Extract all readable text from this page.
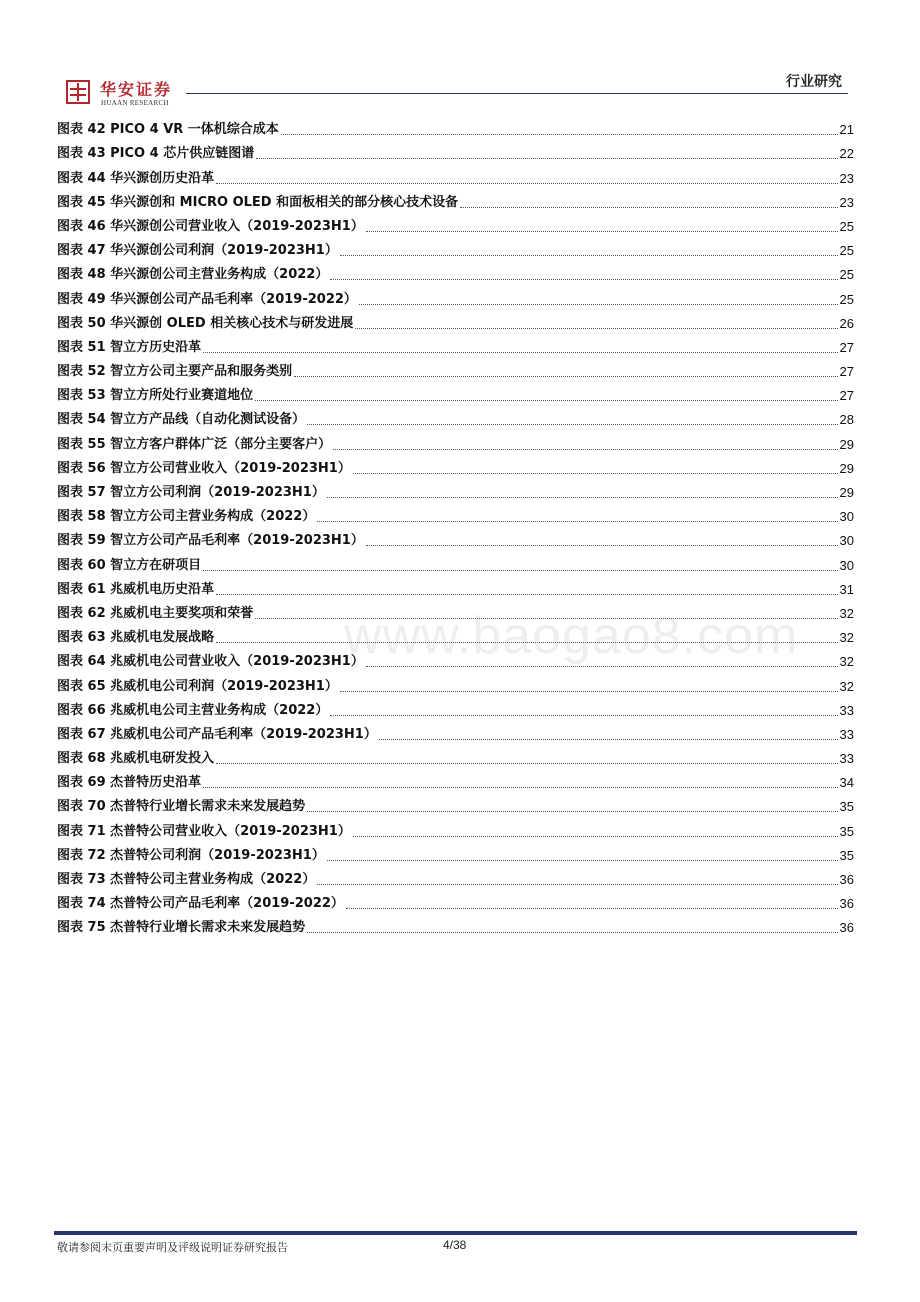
华安证券
HUAAN RESEARCH
行业研究
图表 42 PICO 4 VR 一体机综合成本	21
图表 43 PICO 4 芯片供应链图谱	22
图表 44 华兴源创历史沿革	23
图表 45 华兴源创和 MICRO OLED 和面板相关的部分核心技术设备	23
图表 46 华兴源创公司营业收入（2019-2023H1）	25
图表 47 华兴源创公司利润（2019-2023H1）	25
图表 48 华兴源创公司主营业务构成（2022）	25
图表 49 华兴源创公司产品毛利率（2019-2022）	25
图表 50 华兴源创 OLED 相关核心技术与研发进展	26
图表 51 智立方历史沿革	27
图表 52 智立方公司主要产品和服务类别	27
图表 53 智立方所处行业赛道地位	27
图表 54 智立方产品线（自动化测试设备）	28
图表 55 智立方客户群体广泛（部分主要客户）	29
图表 56 智立方公司营业收入（2019-2023H1）	29
图表 57 智立方公司利润（2019-2023H1）	29
图表 58 智立方公司主营业务构成（2022）	30
图表 59 智立方公司产品毛利率（2019-2023H1）	30
图表 60 智立方在研项目	30
图表 61 兆威机电历史沿革	31
图表 62 兆威机电主要奖项和荣誉	32
图表 63 兆威机电发展战略	32
图表 64 兆威机电公司营业收入（2019-2023H1）	32
图表 65 兆威机电公司利润（2019-2023H1）	32
图表 66 兆威机电公司主营业务构成（2022）	33
图表 67 兆威机电公司产品毛利率（2019-2023H1）	33
图表 68 兆威机电研发投入	33
图表 69 杰普特历史沿革	34
图表 70 杰普特行业增长需求未来发展趋势	35
图表 71 杰普特公司营业收入（2019-2023H1）	35
图表 72 杰普特公司利润（2019-2023H1）	35
图表 73 杰普特公司主营业务构成（2022）	36
图表 74 杰普特公司产品毛利率（2019-2022）	36
图表 75 杰普特行业增长需求未来发展趋势	36
www.baogao8.com
敬请参阅末页重要声明及评级说明证券研究报告	4/38
